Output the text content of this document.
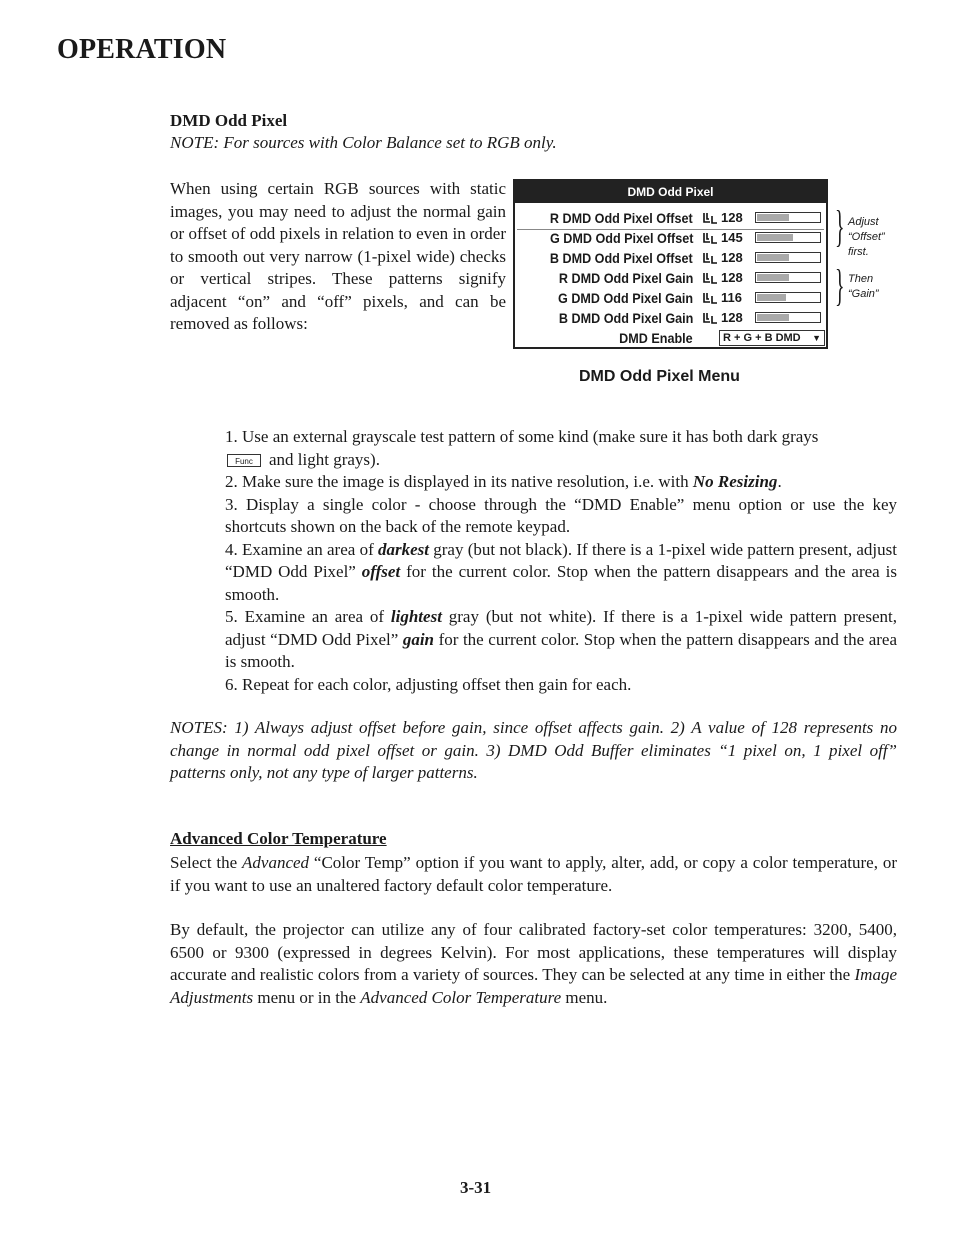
OPERATION
DMD Odd Pixel
NOTE: For sources with Color Balance set to RGB only.
When using certain RGB sources with static images, you may need to adjust the normal gain or offset of odd pixels in relation to even in order to smooth out very narrow (1-pixel wide) checks or vertical stripes. These patterns signify adjacent “on” and “off” pixels, and can be removed as follows:
DMD Odd Pixel
R DMD Odd Pixel Offset 128
G DMD Odd Pixel Offset 145
B DMD Odd Pixel Offset 128
R DMD Odd Pixel Gain 128
G DMD Odd Pixel Gain 116
B DMD Odd Pixel Gain 128
DMD Enable	R + G + B DMD ▼
DMD Odd Pixel Menu
} Adjust
“Offset”
first.
} Then
“Gain”

1. Use an external grayscale test pattern of some kind (make sure it has both dark grays
Func and light grays).

2. Make sure the image is displayed in its native resolution, i.e. with No Resizing.

3. Display a single color - choose through the “DMD Enable” menu option or use the key shortcuts shown on the back of the remote keypad.

4. Examine an area of darkest gray (but not black). If there is a 1-pixel wide pattern present, adjust “DMD Odd Pixel” offset for the current color. Stop when the pattern disappears and the area is smooth.

5. Examine an area of lightest gray (but not white). If there is a 1-pixel wide pattern present, adjust “DMD Odd Pixel” gain for the current color. Stop when the pattern disappears and the area is smooth.

6. Repeat for each color, adjusting offset then gain for each.

NOTES: 1) Always adjust offset before gain, since offset affects gain. 2) A value of 128 represents no change in normal odd pixel offset or gain. 3) DMD Odd Buffer eliminates “1 pixel on, 1 pixel off” patterns only, not any type of larger patterns.
Advanced Color Temperature
Select the Advanced “Color Temp” option if you want to apply, alter, add, or copy a color temperature, or if you want to use an unaltered factory default color temperature.
By default, the projector can utilize any of four calibrated factory-set color temperatures: 3200, 5400, 6500 or 9300 (expressed in degrees Kelvin). For most applications, these temperatures will display accurate and realistic colors from a variety of sources. They can be selected at any time in either the Image Adjustments menu or in the Advanced Color Temperature menu.
3-31
